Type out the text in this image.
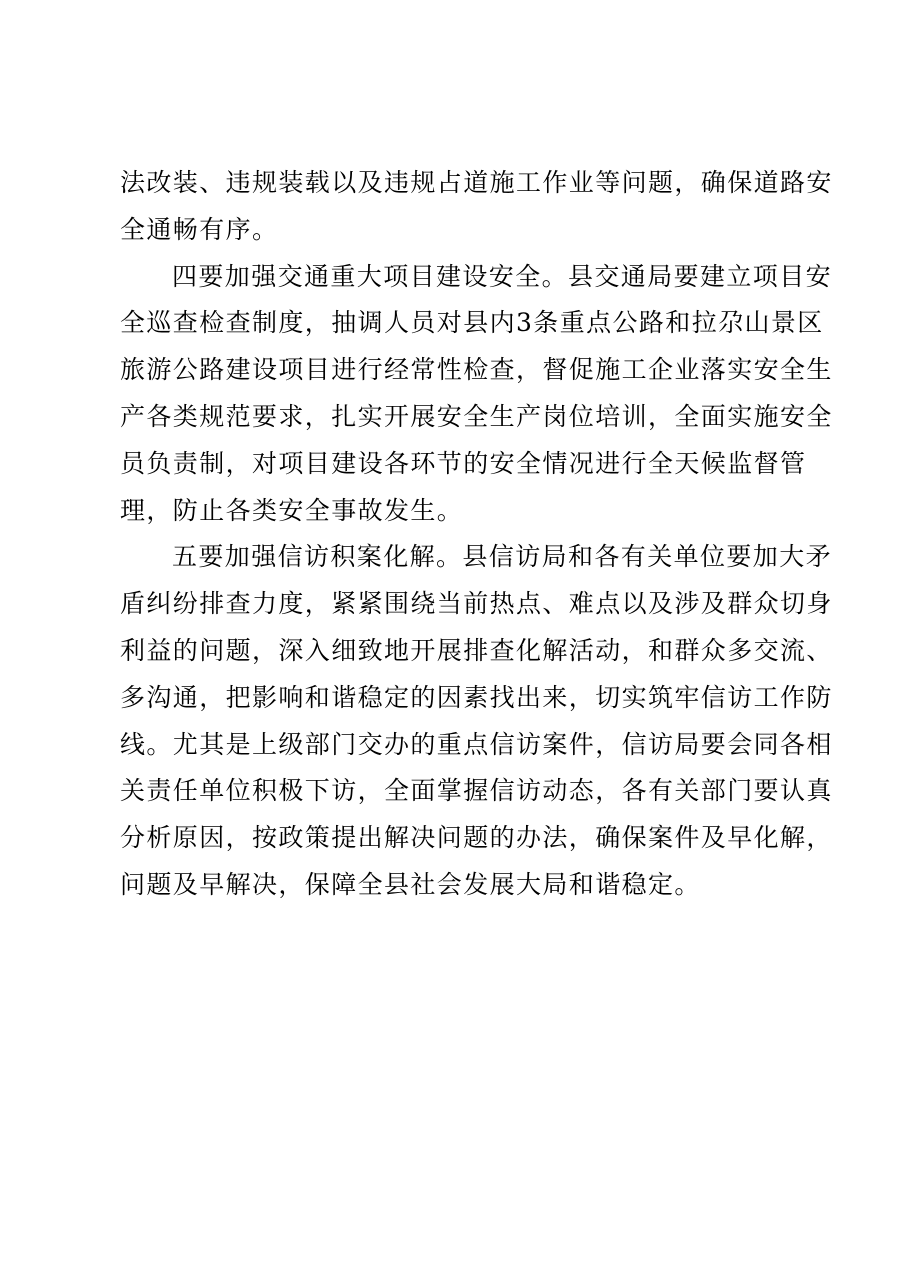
法改装、违规装载以及违规占道施工作业等问题，确保道路安
全通畅有序。
四要加强交通重大项目建设安全。县交通局要建立项目安
全巡查检查制度，抽调人员对县内3条重点公路和拉尕山景区
旅游公路建设项目进行经常性检查，督促施工企业落实安全生
产各类规范要求，扎实开展安全生产岗位培训，全面实施安全
员负责制，对项目建设各环节的安全情况进行全天候监督管
理，防止各类安全事故发生。
五要加强信访积案化解。县信访局和各有关单位要加大矛
盾纠纷排查力度，紧紧围绕当前热点、难点以及涉及群众切身
利益的问题，深入细致地开展排查化解活动，和群众多交流、
多沟通，把影响和谐稳定的因素找出来，切实筑牢信访工作防
线。尤其是上级部门交办的重点信访案件，信访局要会同各相
关责任单位积极下访，全面掌握信访动态，各有关部门要认真
分析原因，按政策提出解决问题的办法，确保案件及早化解，
问题及早解决，保障全县社会发展大局和谐稳定。
